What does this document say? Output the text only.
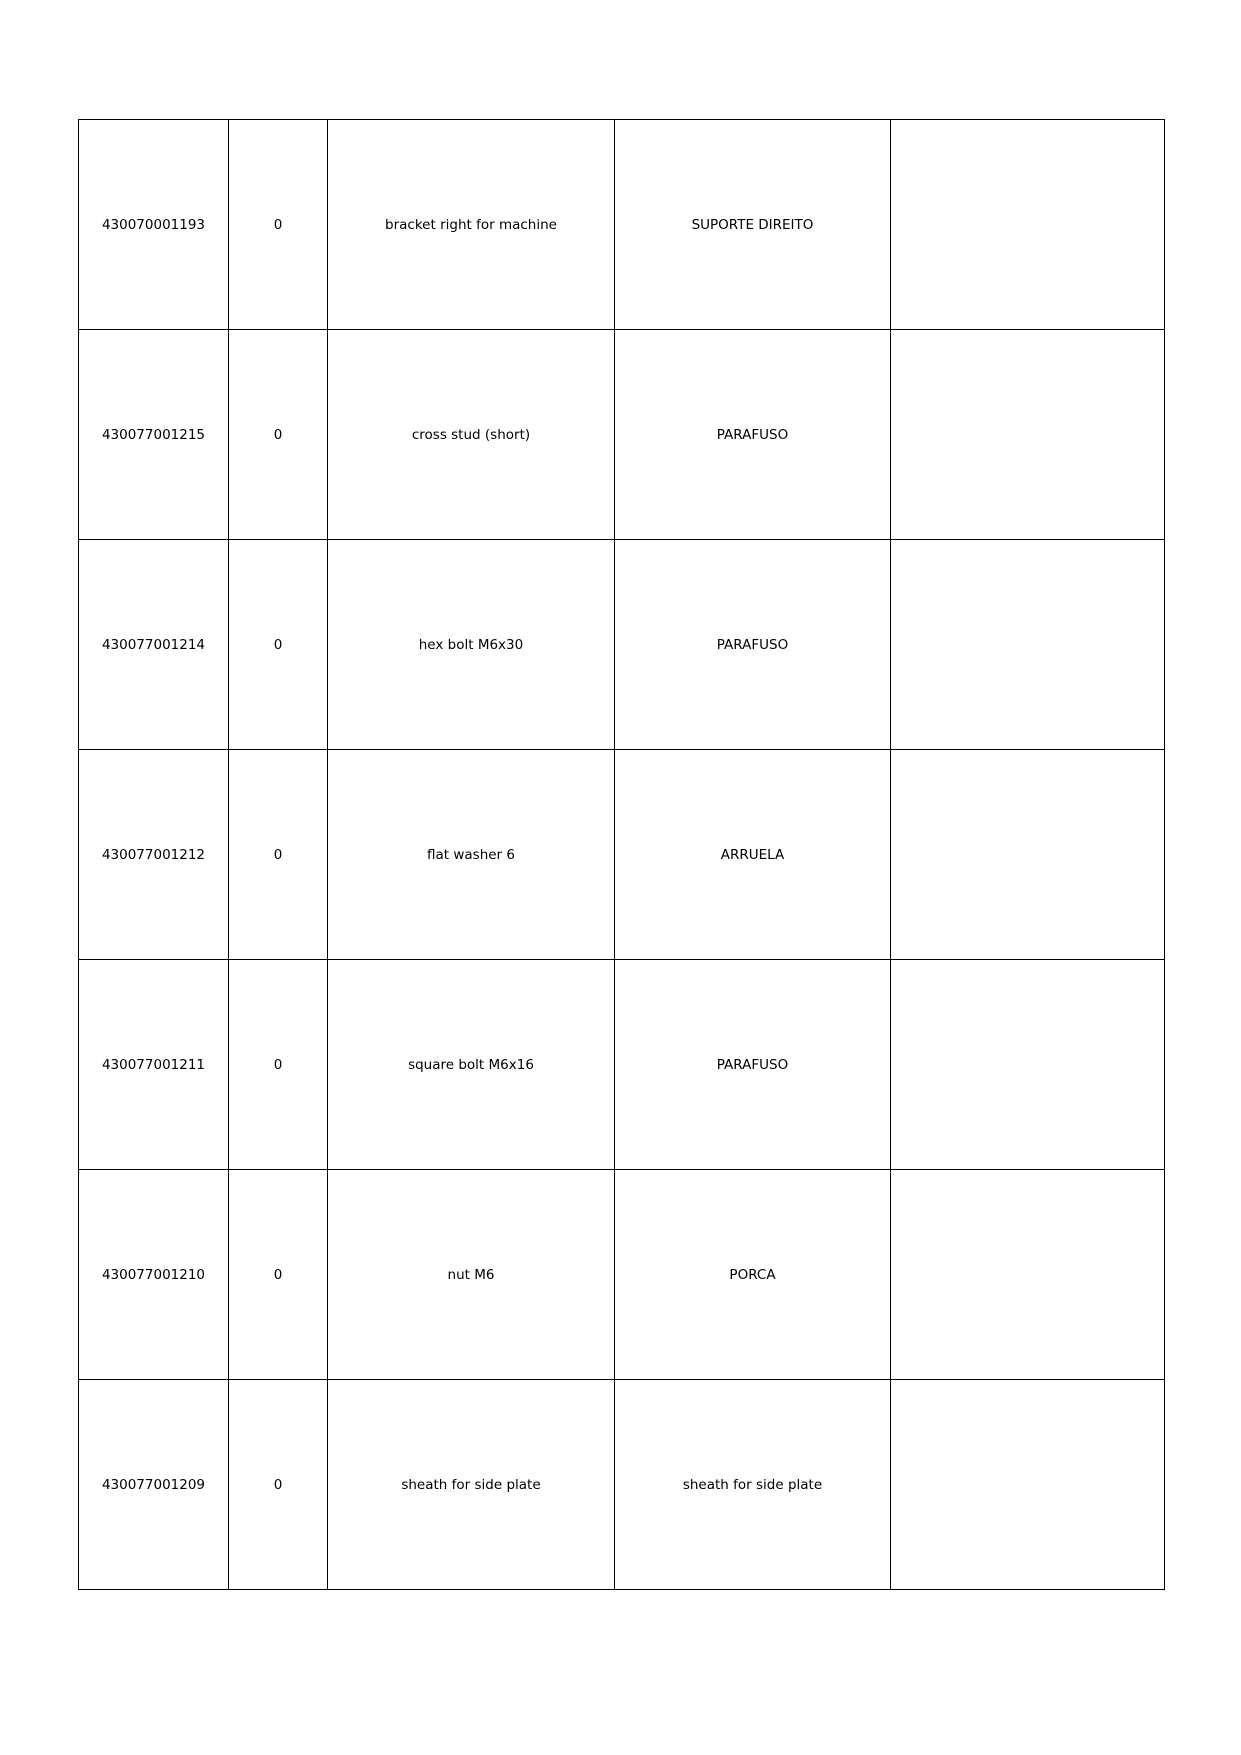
430070001193	0	bracket right for machine	SUPORTE DIREITO	
430077001215	0	cross stud (short)	PARAFUSO	
430077001214	0	hex bolt M6x30	PARAFUSO	
430077001212	0	flat washer 6	ARRUELA	
430077001211	0	square bolt M6x16	PARAFUSO	
430077001210	0	nut M6	PORCA	
430077001209	0	sheath for side plate	sheath for side plate	
